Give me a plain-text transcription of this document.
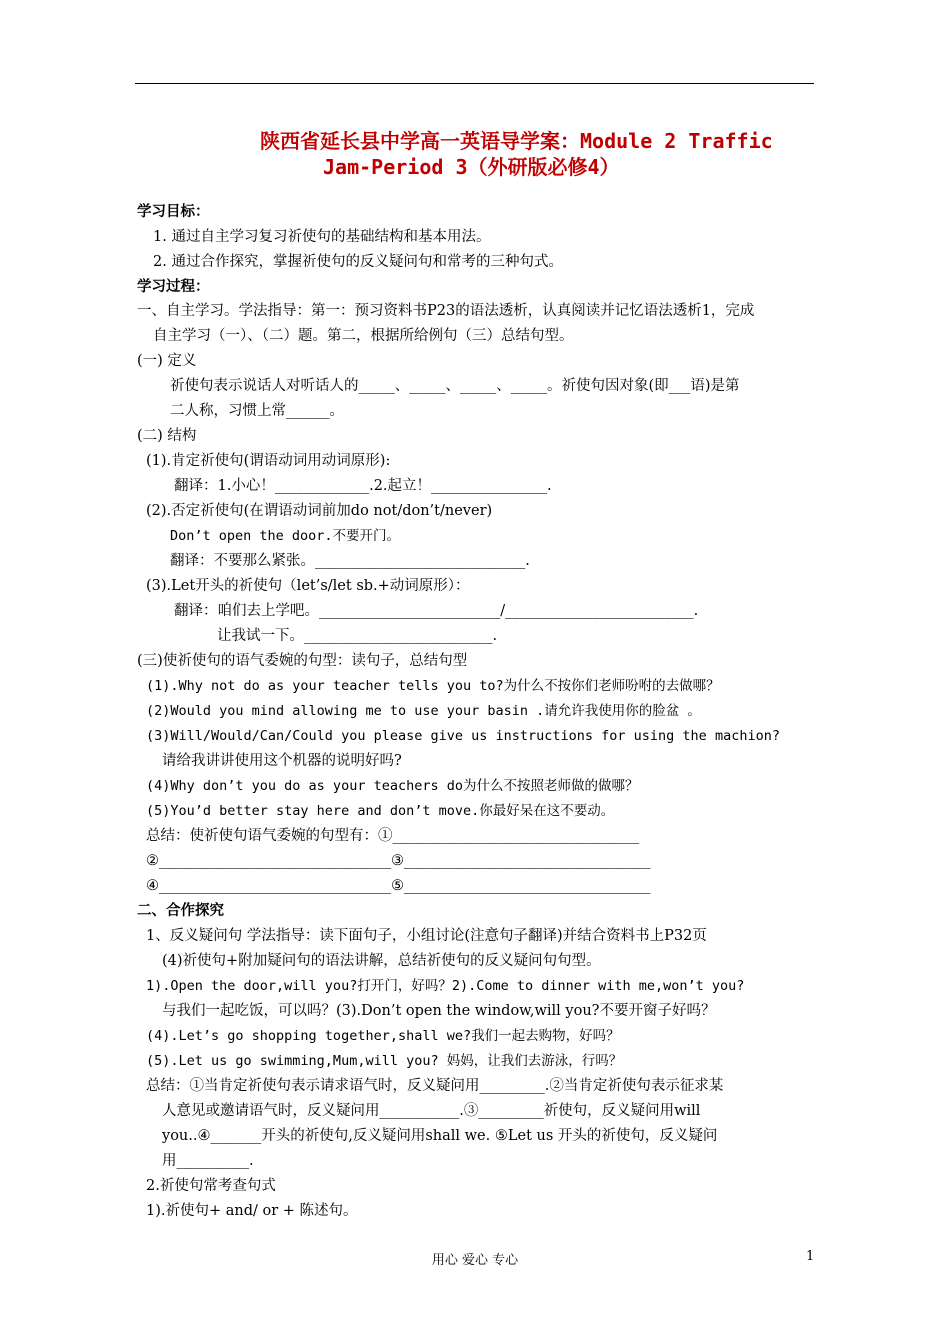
陕西省延长县中学高一英语导学案：Module 2 Traffic
Jam-Period 3（外研版必修4）
学习目标：
1. 通过自主学习复习祈使句的基础结构和基本用法。
2. 通过合作探究，掌握祈使句的反义疑问句和常考的三种句式。
学习过程：
一、自主学习。学法指导：第一：预习资料书P23的语法透析，认真阅读并记忆语法透析1，完成
自主学习（一）、（二）题。第二，根据所给例句（三）总结句型。
(一) 定义
祈使句表示说话人对听话人的_____、_____、_____、_____。祈使句因对象(即___语)是第
二人称，习惯上常______。
(二) 结构
(1).肯定祈使句(谓语动词用动词原形):
翻译：1.小心！_____________.2.起立！________________.
(2).否定祈使句(在谓语动词前加do not/don’t/never)
Don’t open the door.不要开门。
翻译：不要那么紧张。_____________________________.
(3).Let开头的祈使句（let’s/let sb.+动词原形）：
翻译：咱们去上学吧。_________________________/__________________________.
让我试一下。__________________________.
(三)使祈使句的语气委婉的句型：读句子，总结句型
(1).Why not do as your teacher tells you to?为什么不按你们老师吩咐的去做哪？
(2)Would you mind allowing me to use your basin .请允许我使用你的脸盆 。
(3)Will/Would/Can/Could you please give us instructions for using the machion?
请给我讲讲使用这个机器的说明好吗?
(4)Why don’t you do as your teachers do为什么不按照老师做的做哪？
(5)You’d better stay here and don’t move.你最好呆在这不要动。
总结：使祈使句语气委婉的句型有：①__________________________________
②________________________________③__________________________________
④________________________________⑤__________________________________
二、合作探究
1、反义疑问句 学法指导：读下面句子，小组讨论(注意句子翻译)并结合资料书上P32页
(4)祈使句+附加疑问句的语法讲解，总结祈使句的反义疑问句句型。
1).Open the door,will you?打开门，好吗？2).Come to dinner with me,won’t you?
与我们一起吃饭，可以吗？(3).Don’t open the window,will you?不要开窗子好吗？
(4).Let’s go shopping together,shall we?我们一起去购物，好吗？
(5).Let us go swimming,Mum,will you? 妈妈，让我们去游泳，行吗？
总结：①当肯定祈使句表示请求语气时，反义疑问用_________.②当肯定祈使句表示征求某
人意见或邀请语气时，反义疑问用___________.③_________祈使句，反义疑问用will
you..④_______开头的祈使句,反义疑问用shall we. ⑤Let us 开头的祈使句，反义疑问
用__________.
2.祈使句常考查句式
1).祈使句+ and/ or + 陈述句。
用心 爱心 专心	1
